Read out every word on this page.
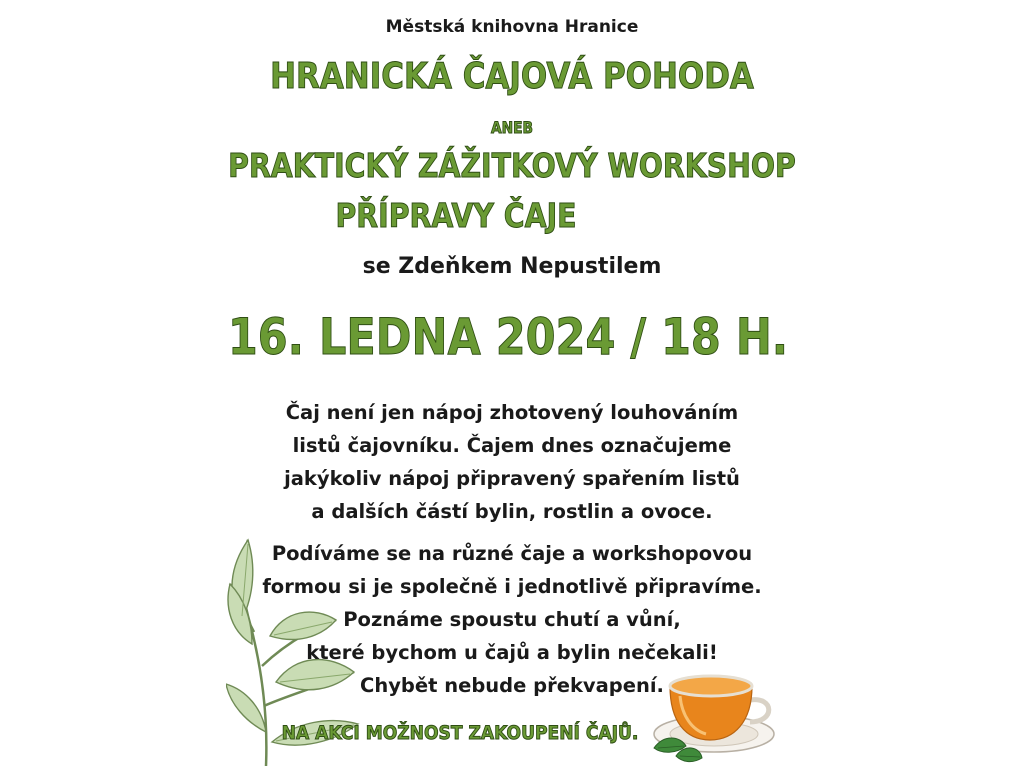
Městská knihovna Hranice
HRANICKÁ ČAJOVÁ POHODA
ANEB
PRAKTICKÝ ZÁŽITKOVÝ WORKSHOP
PŘÍPRAVY ČAJE
se Zdeňkem Nepustilem
16. LEDNA 2024 / 18 H.
Čaj není jen nápoj zhotovený louhováním
listů čajovníku. Čajem dnes označujeme
jakýkoliv nápoj připravený spařením listů
a dalších částí bylin, rostlin a ovoce.
Podíváme se na různé čaje a workshopovou
formou si je společně i jednotlivě připravíme.
Poznáme spoustu chutí a vůní,
které bychom u čajů a bylin nečekali!
Chybět nebude překvapení.
NA AKCI MOŽNOST ZAKOUPENÍ ČAJŮ.
